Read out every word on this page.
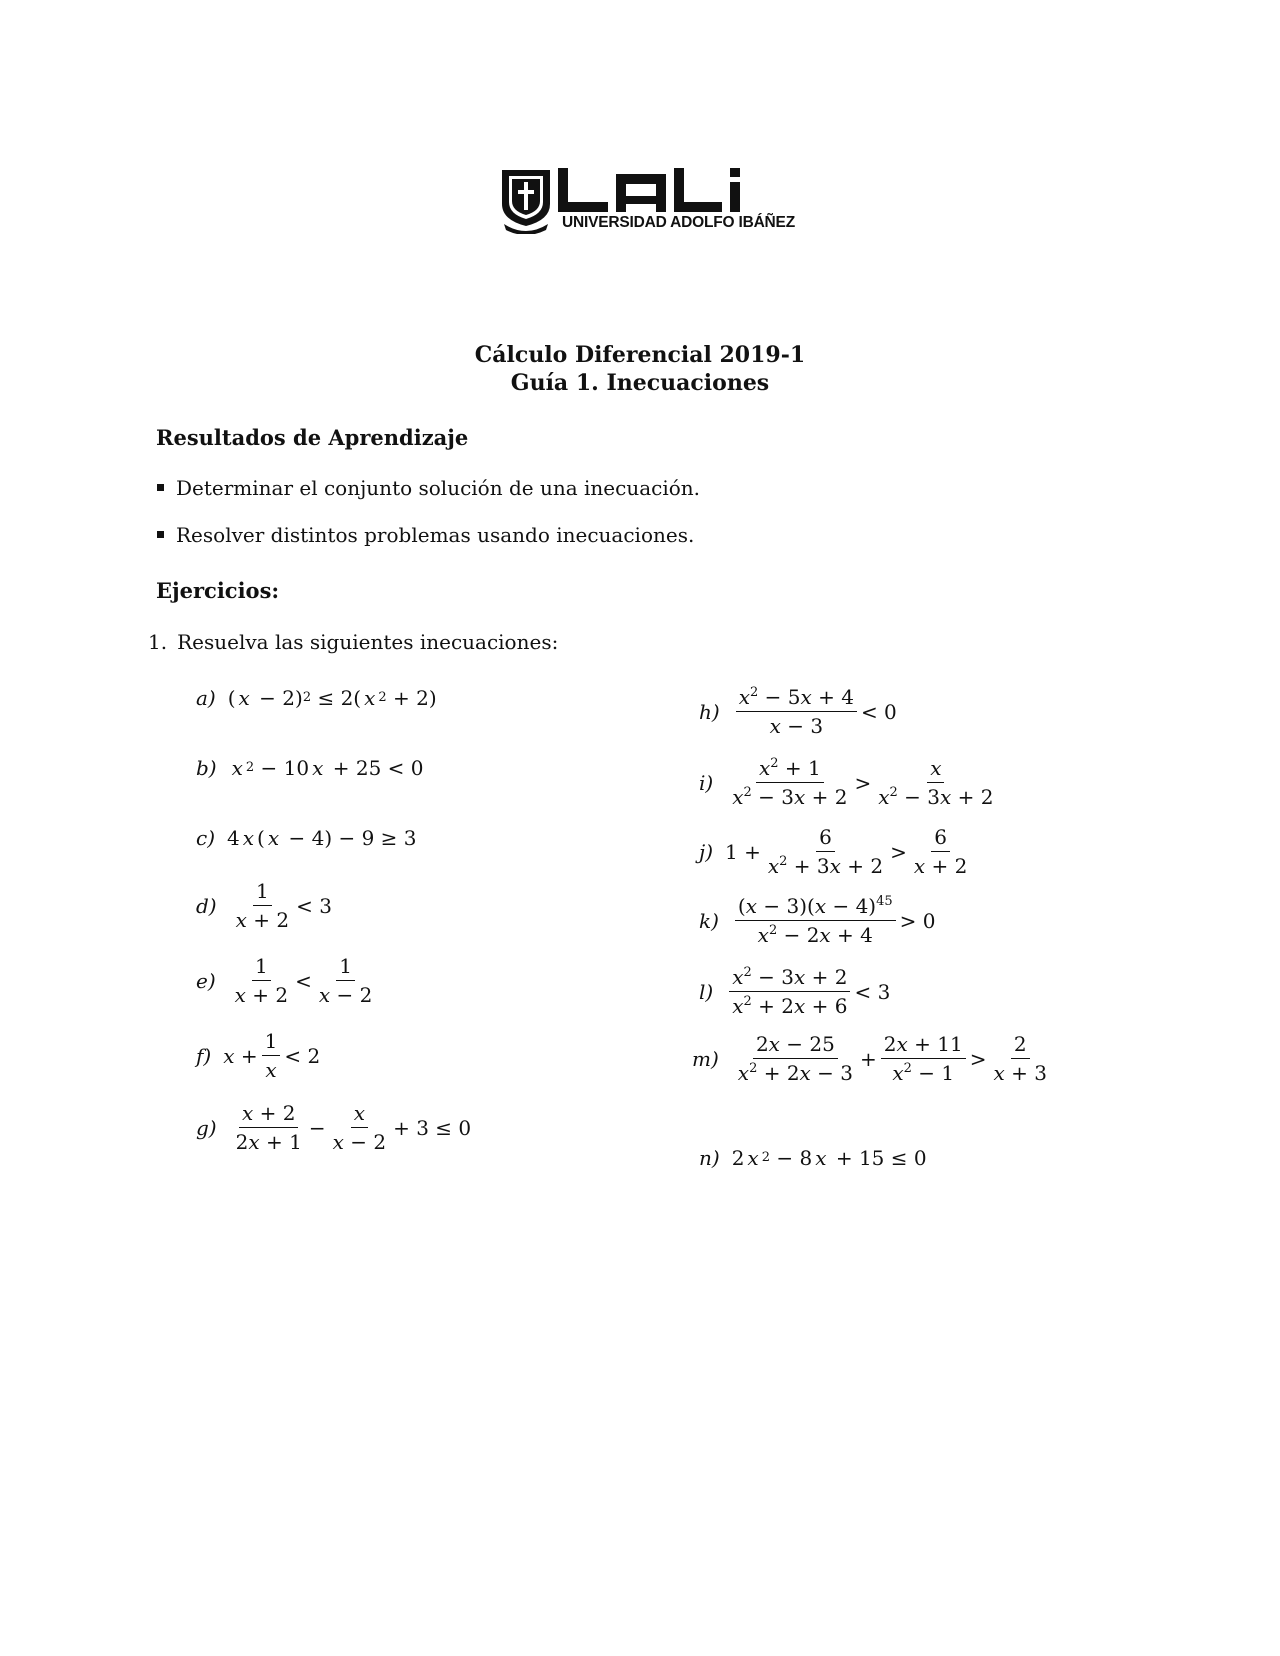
UNIVERSIDAD ADOLFO IBÁÑEZ
Cálculo Diferencial 2019-1
Guía 1. Inecuaciones
Resultados de Aprendizaje
Determinar el conjunto solución de una inecuación.
Resolver distintos problemas usando inecuaciones.
Ejercicios:
1. Resuelva las siguientes inecuaciones:
a) ( x − 2) 2 ≤ 2( x 2 + 2)
b) x 2 − 10 x + 25 < 0
c) 4 x ( x − 4) − 9 ≥ 3
$d) \frac{1}{x + 2} < 3$
$e) \frac{1}{x + 2} < \frac{1}{x - 2}$
f) $x + \frac{1}{x} < 2$
$g) \frac{x + 2}{2x + 1} - \frac{x}{x - 2} + 3 \le 0$
$h) \frac{x^2 - 5x + 4}{x - 3} < 0$
$i) \frac{x^2 + 1}{x^2 - 3x + 2} > \frac{x}{x^2 - 3x + 2}$
j) $1 + \frac{6}{x^2 + 3x + 2} > \frac{6}{x + 2}$
$k) \frac{(x - 3)(x - 4)^{45}}{x^2 - 2x + 4} > 0$
$l) \frac{x^2 - 3x + 2}{x^2 + 2x + 6} < 3$
$m) \frac{2x - 25}{x^2 + 2x - 3} + \frac{2x + 11}{x^2 - 1} > \frac{2}{x + 3}$
n) 2 x 2 − 8 x + 15 ≤ 0
